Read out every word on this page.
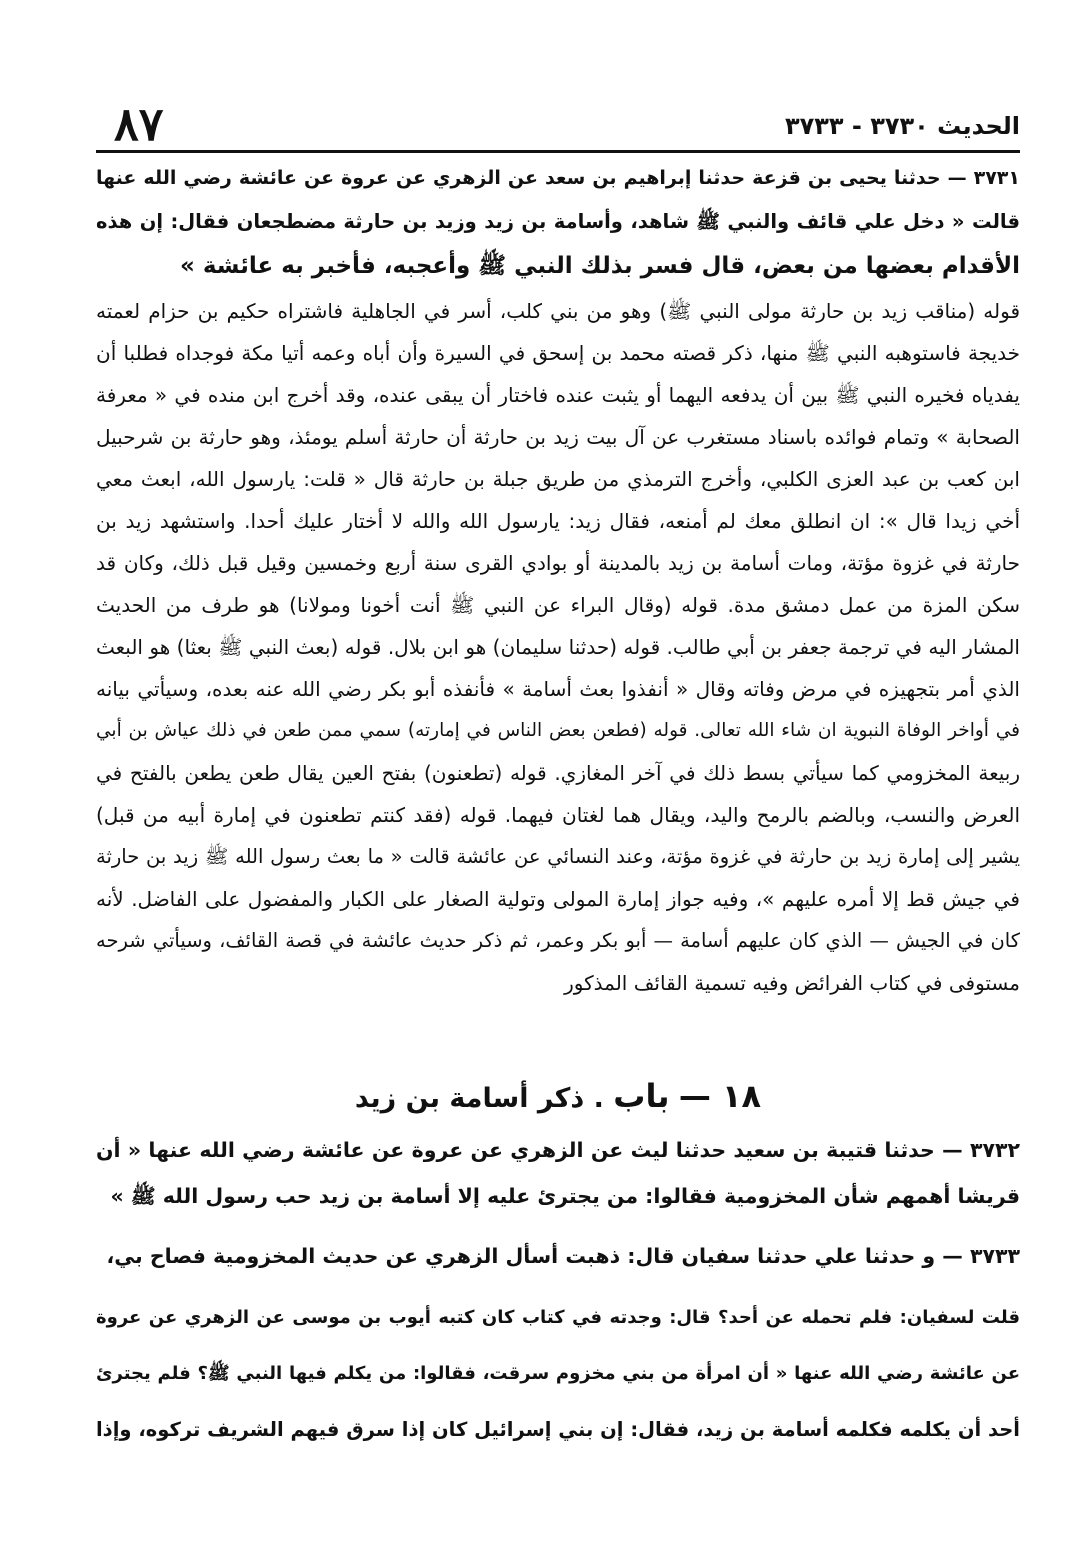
٨٧	الحديث ٣٧٣٠ - ٣٧٣٣
٣٧٣١ — حدثنا يحيى بن قزعة حدثنا إبراهيم بن سعد عن الزهري عن عروة عن عائشة رضي الله عنها
قالت « دخل علي قائف والنبي ﷺ شاهد، وأسامة بن زيد وزيد بن حارثة مضطجعان فقال: إن هذه
الأقدام بعضها من بعض، قال فسر بذلك النبي ﷺ وأعجبه، فأخبر به عائشة »
قوله (مناقب زيد بن حارثة مولى النبي ﷺ) وهو من بني كلب، أسر في الجاهلية فاشتراه حكيم بن حزام لعمته
خديجة فاستوهبه النبي ﷺ منها، ذكر قصته محمد بن إسحق في السيرة وأن أباه وعمه أتيا مكة فوجداه فطلبا أن
يفدياه فخيره النبي ﷺ بين أن يدفعه اليهما أو يثبت عنده فاختار أن يبقى عنده، وقد أخرج ابن منده في « معرفة
الصحابة » وتمام فوائده باسناد مستغرب عن آل بيت زيد بن حارثة أن حارثة أسلم يومئذ، وهو حارثة بن شرحبيل
ابن كعب بن عبد العزى الكلبي، وأخرج الترمذي من طريق جبلة بن حارثة قال « قلت: يارسول الله، ابعث معي
أخي زيدا قال »: ان انطلق معك لم أمنعه، فقال زيد: يارسول الله والله لا أختار عليك أحدا. واستشهد زيد بن
حارثة في غزوة مؤتة، ومات أسامة بن زيد بالمدينة أو بوادي القرى سنة أربع وخمسين وقيل قبل ذلك، وكان قد
سكن المزة من عمل دمشق مدة. قوله (وقال البراء عن النبي ﷺ أنت أخونا ومولانا) هو طرف من الحديث
المشار اليه في ترجمة جعفر بن أبي طالب. قوله (حدثنا سليمان) هو ابن بلال. قوله (بعث النبي ﷺ بعثا) هو البعث
الذي أمر بتجهيزه في مرض وفاته وقال « أنفذوا بعث أسامة » فأنفذه أبو بكر رضي الله عنه بعده، وسيأتي بيانه
في أواخر الوفاة النبوية ان شاء الله تعالى. قوله (فطعن بعض الناس في إمارته) سمي ممن طعن في ذلك عياش بن أبي
ربيعة المخزومي كما سيأتي بسط ذلك في آخر المغازي. قوله (تطعنون) بفتح العين يقال طعن يطعن بالفتح في
العرض والنسب، وبالضم بالرمح واليد، ويقال هما لغتان فيهما. قوله (فقد كنتم تطعنون في إمارة أبيه من قبل)
يشير إلى إمارة زيد بن حارثة في غزوة مؤتة، وعند النسائي عن عائشة قالت « ما بعث رسول الله ﷺ زيد بن حارثة
في جيش قط إلا أمره عليهم »، وفيه جواز إمارة المولى وتولية الصغار على الكبار والمفضول على الفاضل. لأنه
كان في الجيش — الذي كان عليهم أسامة — أبو بكر وعمر، ثم ذكر حديث عائشة في قصة القائف، وسيأتي شرحه
مستوفى في كتاب الفرائض وفيه تسمية القائف المذكور
١٨ — باب . ذكر أسامة بن زيد
٣٧٣٢ — حدثنا قتيبة بن سعيد حدثنا ليث عن الزهري عن عروة عن عائشة رضي الله عنها « أن
قريشا أهمهم شأن المخزومية فقالوا: من يجترئ عليه إلا أسامة بن زيد حب رسول الله ﷺ »
٣٧٣٣ — و حدثنا علي حدثنا سفيان قال: ذهبت أسأل الزهري عن حديث المخزومية فصاح بي،
قلت لسفيان: فلم تحمله عن أحد؟ قال: وجدته في كتاب كان كتبه أيوب بن موسى عن الزهري عن عروة
عن عائشة رضي الله عنها « أن امرأة من بني مخزوم سرقت، فقالوا: من يكلم فيها النبي ﷺ؟ فلم يجترئ
أحد أن يكلمه فكلمه أسامة بن زيد، فقال: إن بني إسرائيل كان إذا سرق فيهم الشريف تركوه، وإذا
